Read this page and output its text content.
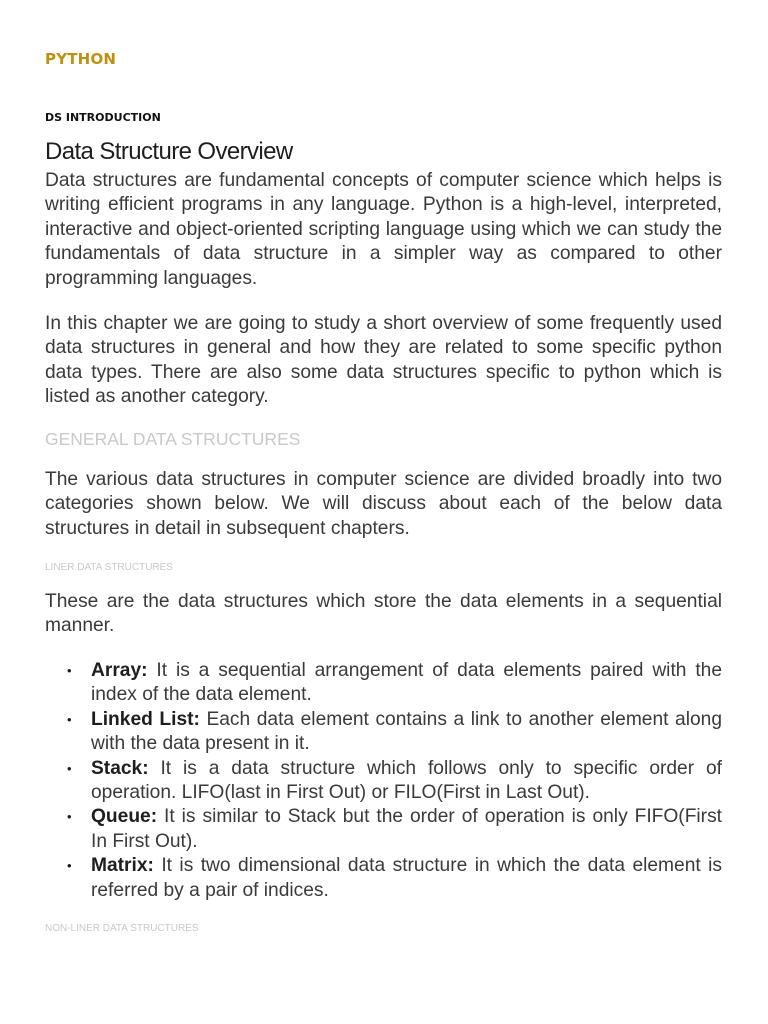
PYTHON
DS INTRODUCTION
Data Structure Overview

Data structures are fundamental concepts of computer science which helps is writing efficient programs in any language. Python is a high-level, interpreted, interactive and object-oriented scripting language using which we can study the fundamentals of data structure in a simpler way as compared to other programming languages.

In this chapter we are going to study a short overview of some frequently used data structures in general and how they are related to some specific python data types. There are also some data structures specific to python which is listed as another category.

GENERAL DATA STRUCTURES

The various data structures in computer science are divided broadly into two categories shown below. We will discuss about each of the below data structures in detail in subsequent chapters.

LINER DATA STRUCTURES

These are the data structures which store the data elements in a sequential manner.

• Array: It is a sequential arrangement of data elements paired with the index of the data element.
• Linked List: Each data element contains a link to another element along with the data present in it.
• Stack: It is a data structure which follows only to specific order of operation. LIFO(last in First Out) or FILO(First in Last Out).
• Queue: It is similar to Stack but the order of operation is only FIFO(First In First Out).
• Matrix: It is two dimensional data structure in which the data element is referred by a pair of indices.
NON-LINER DATA STRUCTURES
